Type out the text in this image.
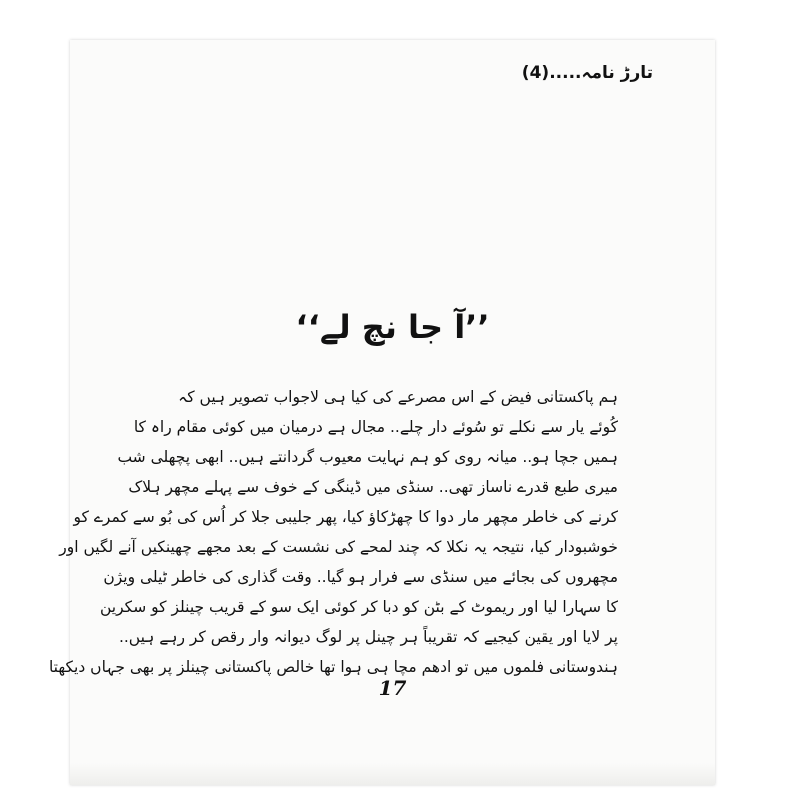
تارڑ نامہ.....(4)
’’آ جا نچ لے‘‘
ہم پاکستانی فیض کے اس مصرعے کی کیا ہی لاجواب تصویر ہیں کہ
کُوئے یار سے نکلے تو سُوئے دار چلے.. مجال ہے درمیان میں کوئی مقام راہ کا
ہمیں جچا ہو.. میانہ روی کو ہم نہایت معیوب گردانتے ہیں.. ابھی پچھلی شب
میری طبع قدرے ناساز تھی.. سنڈی میں ڈینگی کے خوف سے پہلے مچھر ہلاک
کرنے کی خاطر مچھر مار دوا کا چھڑکاؤ کیا، پھر جلیبی جلا کر اُس کی بُو سے کمرے کو
خوشبودار کیا، نتیجہ یہ نکلا کہ چند لمحے کی نشست کے بعد مجھے چھینکیں آنے لگیں اور
مچھروں کی بجائے میں سنڈی سے فرار ہو گیا.. وقت گذاری کی خاطر ٹیلی ویژن
کا سہارا لیا اور ریموٹ کے بٹن کو دبا کر کوئی ایک سو کے قریب چینلز کو سکرین
پر لایا اور یقین کیجیے کہ تقریباً ہر چینل پر لوگ دیوانہ وار رقص کر رہے ہیں..
ہندوستانی فلموں میں تو ادھم مچا ہی ہوا تھا خالص پاکستانی چینلز پر بھی جہاں دیکھتا
17
